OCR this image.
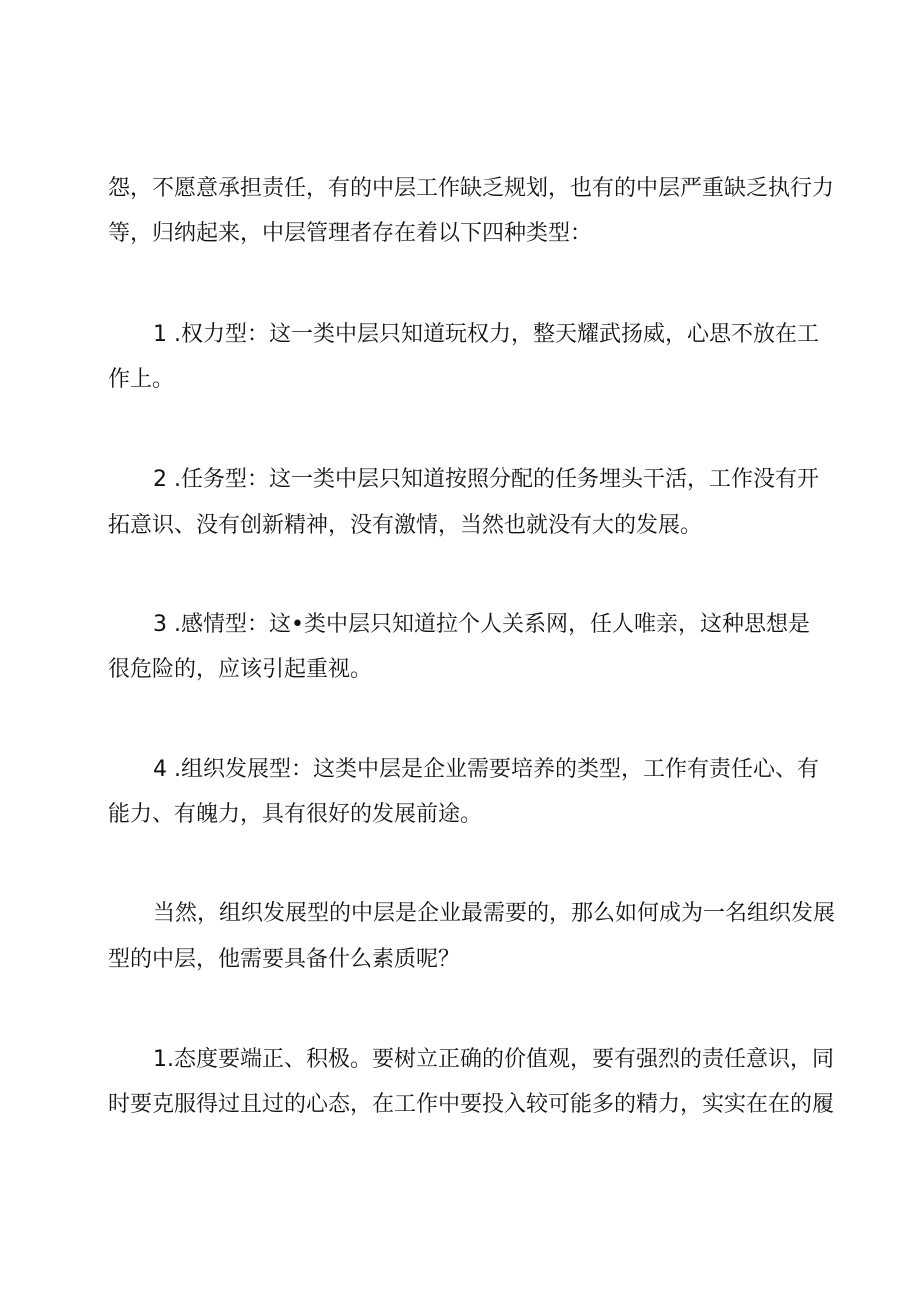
怨，不愿意承担责任，有的中层工作缺乏规划，也有的中层严重缺乏执行力
等，归纳起来，中层管理者存在着以下四种类型：
1 .权力型：这一类中层只知道玩权力，整天耀武扬威，心思不放在工
作上。
2 .任务型：这一类中层只知道按照分配的任务埋头干活，工作没有开
拓意识、没有创新精神，没有激情，当然也就没有大的发展。
3 .感情型：这•类中层只知道拉个人关系网，任人唯亲，这种思想是
很危险的，应该引起重视。
4 .组织发展型：这类中层是企业需要培养的类型，工作有责任心、有
能力、有魄力，具有很好的发展前途。
当然，组织发展型的中层是企业最需要的，那么如何成为一名组织发展
型的中层，他需要具备什么素质呢？
1.态度要端正、积极。要树立正确的价值观，要有强烈的责任意识，同
时要克服得过且过的心态，在工作中要投入较可能多的精力，实实在在的履
